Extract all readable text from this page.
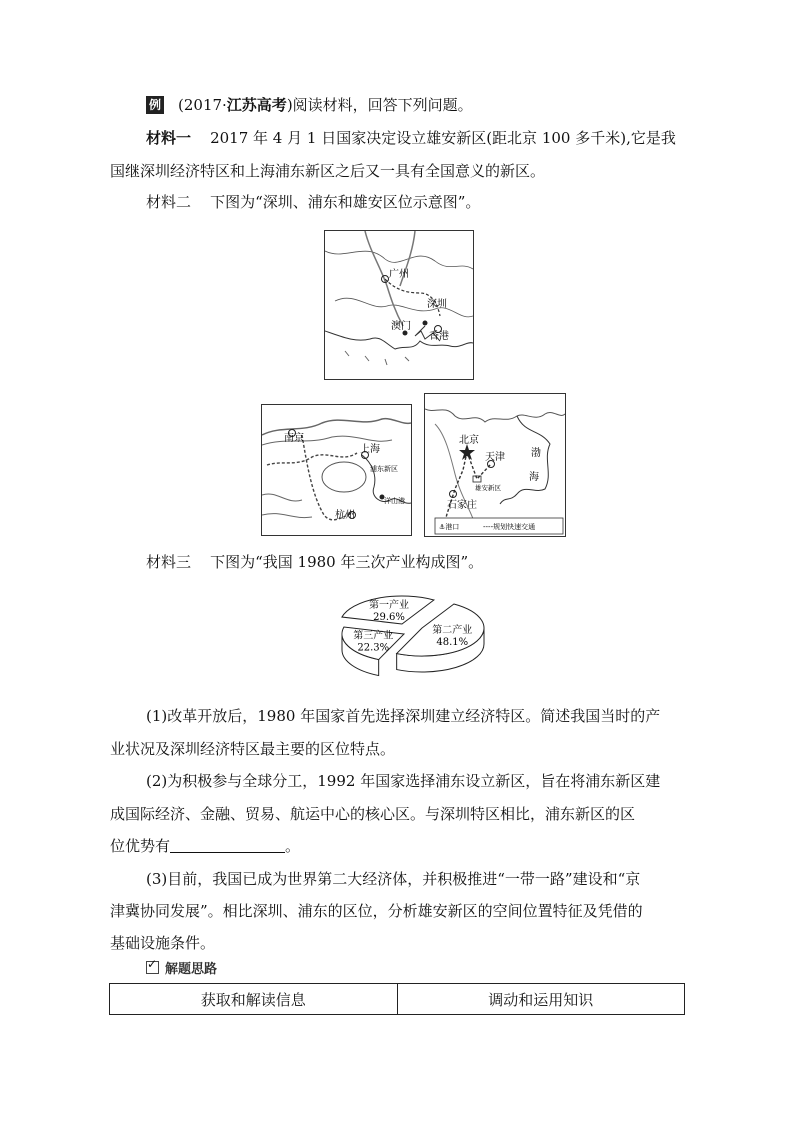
例 (2017·江苏高考)阅读材料，回答下列问题。
材料一 2017 年 4 月 1 日国家决定设立雄安新区(距北京 100 多千米),它是我
国继深圳经济特区和上海浦东新区之后又一具有全国意义的新区。
材料二 下图为“深圳、浦东和雄安区位示意图”。
广州
深圳
澳门
香港
南京
上海
浦东新区
杭州
洋山港
北京
天津	渤
海
雄安新区
石家庄
⚓港口	----规划快速交通
材料三 下图为“我国 1980 年三次产业构成图”。
第一产业
29.6%
第二产业
48.1%
第三产业
22.3%
(1)改革开放后，1980 年国家首先选择深圳建立经济特区。简述我国当时的产
业状况及深圳经济特区最主要的区位特点。
(2)为积极参与全球分工，1992 年国家选择浦东设立新区，旨在将浦东新区建
成国际经济、金融、贸易、航运中心的核心区。与深圳特区相比，浦东新区的区
位优势有	。
(3)目前，我国已成为世界第二大经济体，并积极推进“一带一路”建设和“京
津冀协同发展”。相比深圳、浦东的区位，分析雄安新区的空间位置特征及凭借的
基础设施条件。
✓
解题思路
获取和解读信息	调动和运用知识
